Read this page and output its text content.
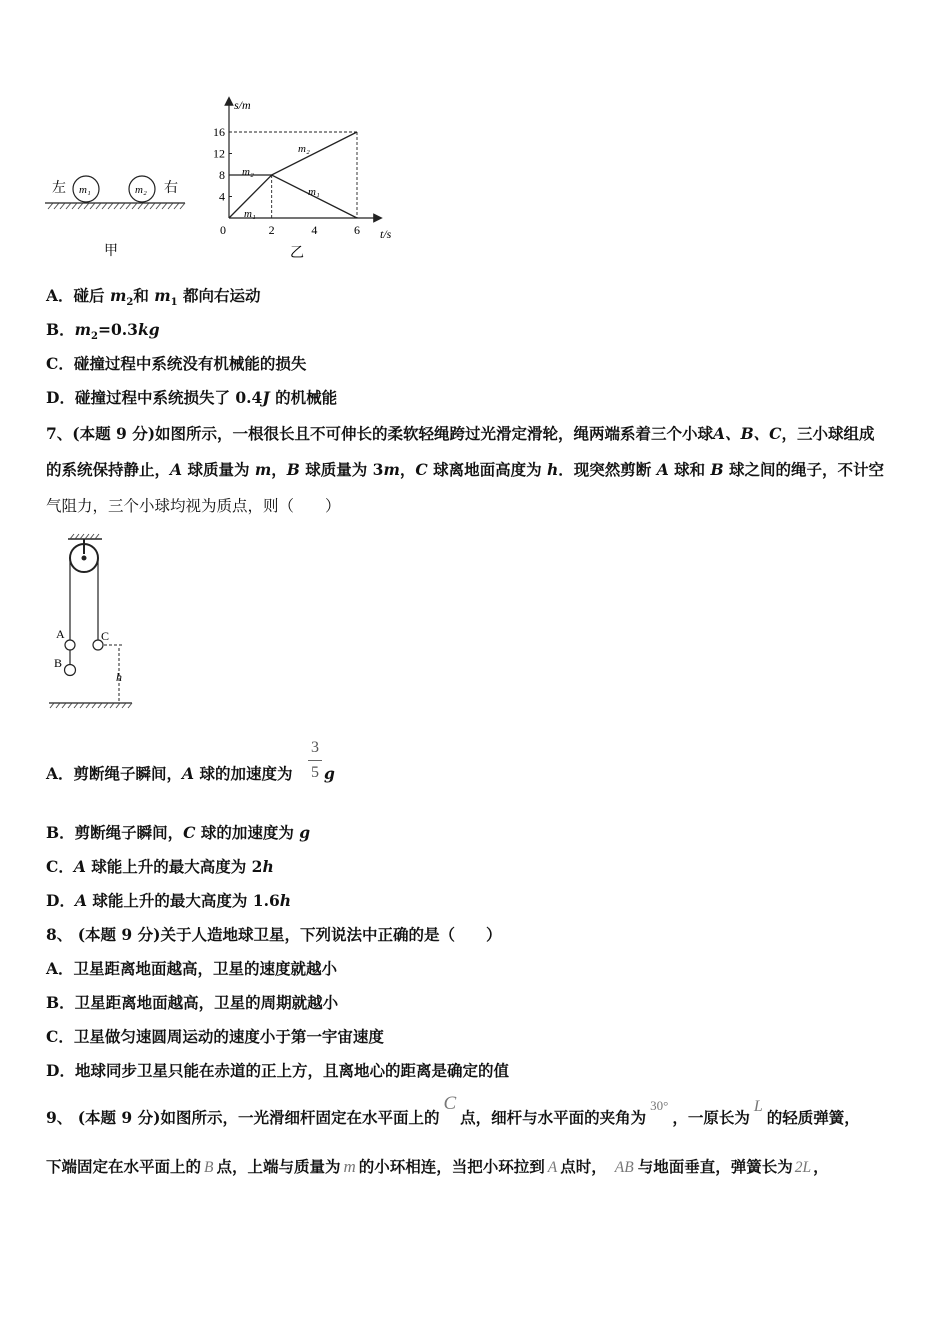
左 m₁	m₂ 右
甲
s/m
t/s
4
8
12
16
0	2	4	6
m₂
m₂
m₁
m₁
乙
A．碰后 $m_2$和 $m_1$ 都向右运动
B．$m_2=0.3kg$
C．碰撞过程中系统没有机械能的损失
D．碰撞过程中系统损失了 0.4J 的机械能
7、(本题 9 分)如图所示，一根很长且不可伸长的柔软轻绳跨过光滑定滑轮，绳两端系着三个小球A、B、C，三小球组成
的系统保持静止，A 球质量为 m，B 球质量为 3m，C 球离地面高度为 h．现突然剪断 A 球和 B 球之间的绳子，不计空
气阻力，三个小球均视为质点，则（　　）
A
B
C
h
A．剪断绳子瞬间，A 球的加速度为
3
5 g
B．剪断绳子瞬间，C 球的加速度为 g
C．A 球能上升的最大高度为 2h
D．A 球能上升的最大高度为 1.6h
8、 (本题 9 分)关于人造地球卫星，下列说法中正确的是（　　）
A．卫星距离地面越高，卫星的速度就越小
B．卫星距离地面越高，卫星的周期就越小
C．卫星做匀速圆周运动的速度小于第一宇宙速度
D．地球同步卫星只能在赤道的正上方，且离地心的距离是确定的值
9、 (本题 9 分)如图所示，一光滑细杆固定在水平面上的C点，细杆与水平面的夹角为$^{30^\circ}$，一原长为L的轻质弹簧，
下端固定在水平面上的 B 点，上端与质量为 m 的小环相连，当把小环拉到 A 点时， AB 与地面垂直，弹簧长为 2L ，
